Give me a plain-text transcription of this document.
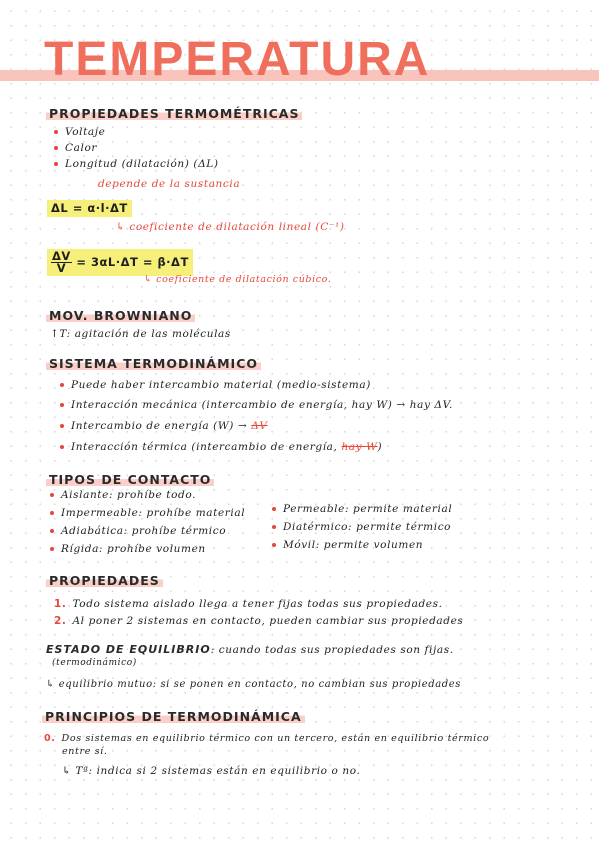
TEMPERATURA
PROPIEDADES TERMOMÉTRICAS
Voltaje
Calor
Longitud (dilatación) (ΔL)
depende de la sustancia
ΔL = α·l·ΔT
↳ coeficiente de dilatación lineal (C⁻¹)
$\frac{\Delta V}{V} = 3\alpha L\cdot\Delta T = \beta\cdot\Delta T$
↳ coeficiente de dilatación cúbico.
MOV. BROWNIANO
↑T: agitación de las moléculas
SISTEMA TERMODINÁMICO
Puede haber intercambio material (medio-sistema)
Interacción mecánica (intercambio de energía, hay W) → hay ΔV.
Intercambio de energía (W) → ΔV
Interacción térmica (intercambio de energía, hay W)
TIPOS DE CONTACTO
Aislante: prohíbe todo.
Impermeable: prohíbe material
Adiabática: prohíbe térmico
Rígida: prohíbe volumen
Permeable: permite material
Diatérmico: permite térmico
Móvil: permite volumen
PROPIEDADES
1. Todo sistema aislado llega a tener fijas todas sus propiedades.
2. Al poner 2 sistemas en contacto, pueden cambiar sus propiedades
ESTADO DE EQUILIBRIO: cuando todas sus propiedades son fijas.
(termodinámico)
↳ equilibrio mutuo: si se ponen en contacto, no cambian sus propiedades
PRINCIPIOS DE TERMODINÁMICA
0. Dos sistemas en equilibrio térmico con un tercero, están en equilibrio térmico
entre sí.
↳ Tª: indica si 2 sistemas están en equilibrio o no.
